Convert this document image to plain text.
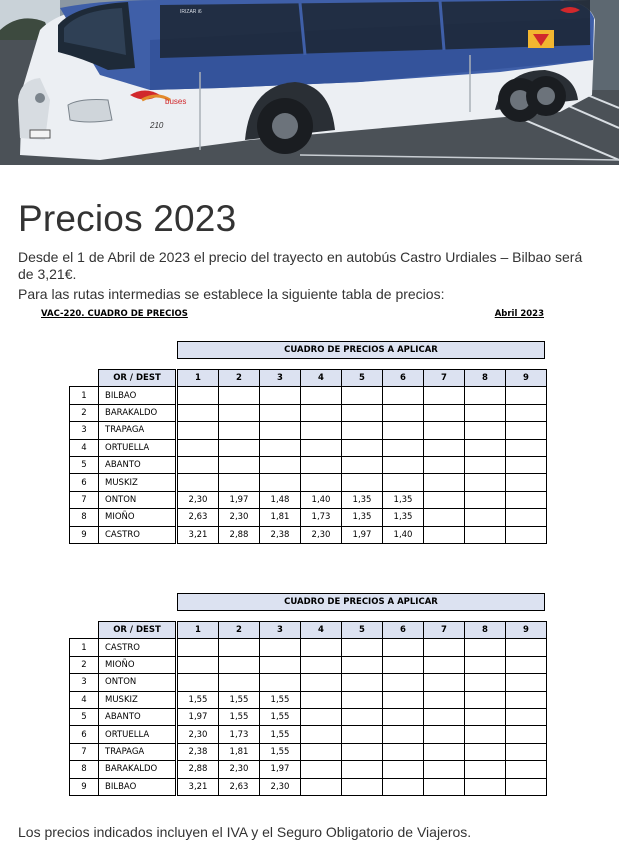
buses
210
IRIZAR i6
Precios 2023

Desde el 1 de Abril de 2023 el precio del trayecto en autobús Castro Urdiales – Bilbao será de 3,21€.

Para las rutas intermedias se establece la siguiente tabla de precios:

VAC-220. CUADRO DE PRECIOS	Abril 2023
CUADRO DE PRECIOS A APLICAR
	OR / DEST		1	2	3	4	5	6	7	8	9
1	BILBAO										
2	BARAKALDO										
3	TRAPAGA										
4	ORTUELLA										
5	ABANTO										
6	MUSKIZ										
7	ONTON		2,30	1,97	1,48	1,40	1,35	1,35			
8	MIOÑO		2,63	2,30	1,81	1,73	1,35	1,35			
9	CASTRO		3,21	2,88	2,38	2,30	1,97	1,40			
CUADRO DE PRECIOS A APLICAR
	OR / DEST		1	2	3	4	5	6	7	8	9
1	CASTRO										
2	MIOÑO										
3	ONTON										
4	MUSKIZ		1,55	1,55	1,55						
5	ABANTO		1,97	1,55	1,55						
6	ORTUELLA		2,30	1,73	1,55						
7	TRAPAGA		2,38	1,81	1,55						
8	BARAKALDO		2,88	2,30	1,97						
9	BILBAO		3,21	2,63	2,30						

Los precios indicados incluyen el IVA y el Seguro Obligatorio de Viajeros.
